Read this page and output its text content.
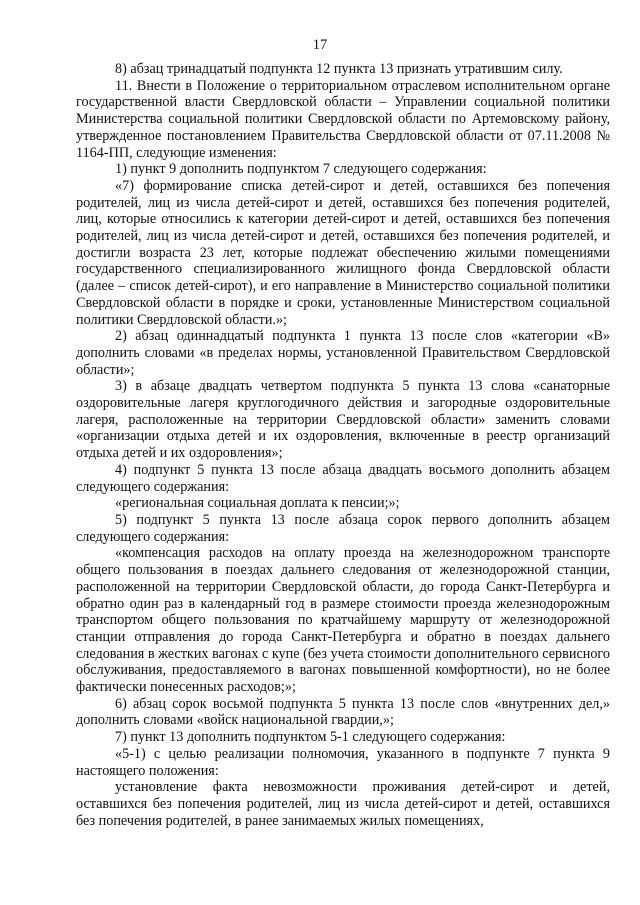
17

8) абзац тринадцатый подпункта 12 пункта 13 признать утратившим силу.

11. Внести в Положение о территориальном отраслевом исполнительном органе государственной власти Свердловской области – Управлении социальной политики Министерства социальной политики Свердловской области по Артемовскому району, утвержденное постановлением Правительства Свердловской области от 07.11.2008 № 1164-ПП, следующие изменения:

1) пункт 9 дополнить подпунктом 7 следующего содержания:

«7) формирование списка детей-сирот и детей, оставшихся без попечения родителей, лиц из числа детей-сирот и детей, оставшихся без попечения родителей, лиц, которые относились к категории детей-сирот и детей, оставшихся без попечения родителей, лиц из числа детей-сирот и детей, оставшихся без попечения родителей, и достигли возраста 23 лет, которые подлежат обеспечению жилыми помещениями государственного специализированного жилищного фонда Свердловской области (далее – список детей-сирот), и его направление в Министерство социальной политики Свердловской области в порядке и сроки, установленные Министерством социальной политики Свердловской области.»;

2) абзац одиннадцатый подпункта 1 пункта 13 после слов «категории «В» дополнить словами «в пределах нормы, установленной Правительством Свердловской области»;

3) в абзаце двадцать четвертом подпункта 5 пункта 13 слова «санаторные оздоровительные лагеря круглогодичного действия и загородные оздоровительные лагеря, расположенные на территории Свердловской области» заменить словами «организации отдыха детей и их оздоровления, включенные в реестр организаций отдыха детей и их оздоровления»;

4) подпункт 5 пункта 13 после абзаца двадцать восьмого дополнить абзацем следующего содержания:

«региональная социальная доплата к пенсии;»;

5) подпункт 5 пункта 13 после абзаца сорок первого дополнить абзацем следующего содержания:

«компенсация расходов на оплату проезда на железнодорожном транспорте общего пользования в поездах дальнего следования от железнодорожной станции, расположенной на территории Свердловской области, до города Санкт-Петербурга и обратно один раз в календарный год в размере стоимости проезда железнодорожным транспортом общего пользования по кратчайшему маршруту от железнодорожной станции отправления до города Санкт-Петербурга и обратно в поездах дальнего следования в жестких вагонах с купе (без учета стоимости дополнительного сервисного обслуживания, предоставляемого в вагонах повышенной комфортности), но не более фактически понесенных расходов;»;

6) абзац сорок восьмой подпункта 5 пункта 13 после слов «внутренних дел,» дополнить словами «войск национальной гвардии,»;

7) пункт 13 дополнить подпунктом 5-1 следующего содержания:

«5-1) с целью реализации полномочия, указанного в подпункте 7 пункта 9 настоящего положения:

установление факта невозможности проживания детей-сирот и детей, оставшихся без попечения родителей, лиц из числа детей-сирот и детей, оставшихся без попечения родителей, в ранее занимаемых жилых помещениях,
